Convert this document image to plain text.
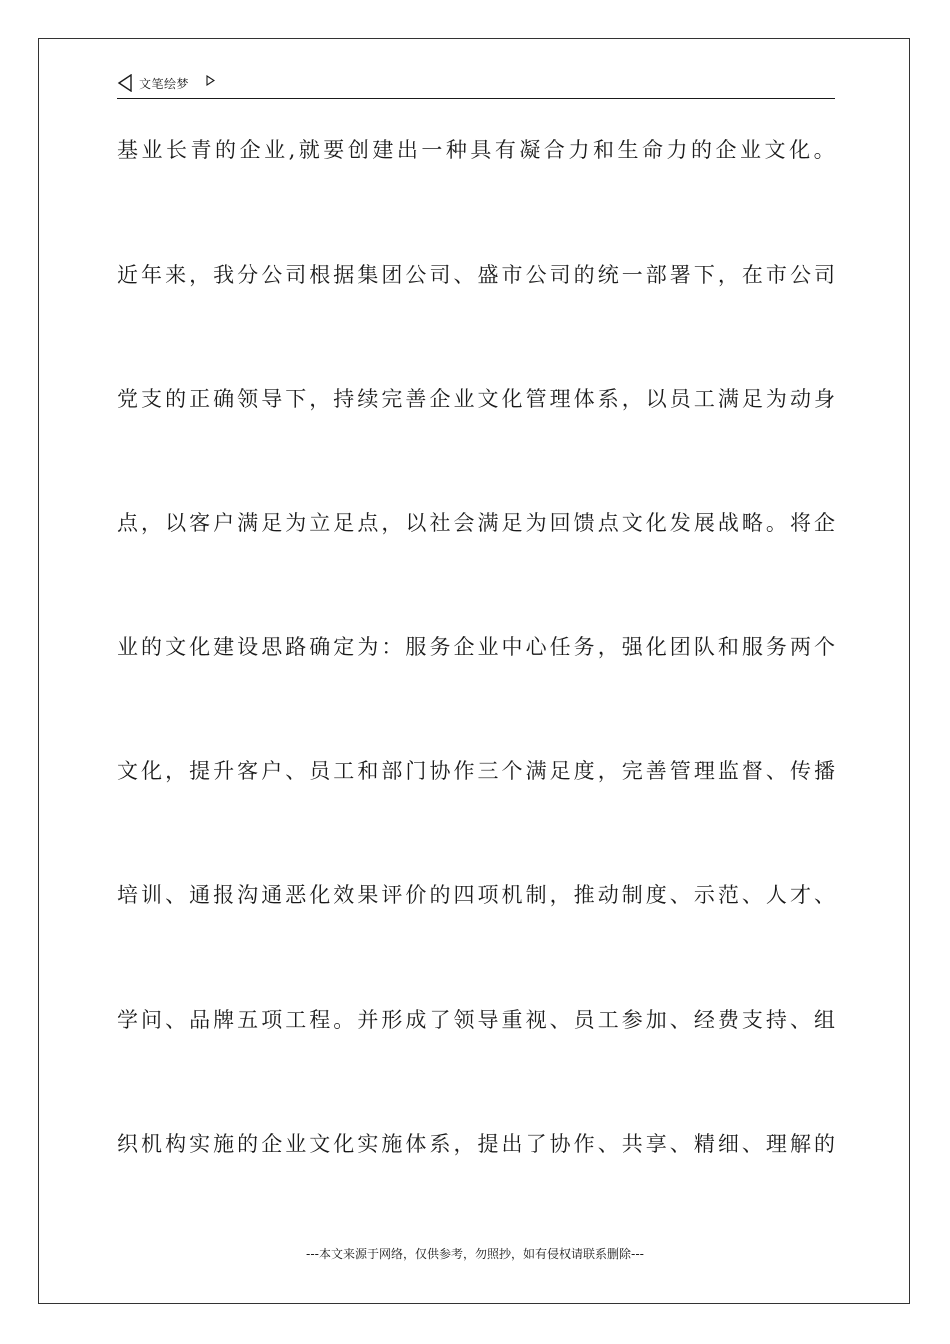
文笔绘梦
基业长青的企业,就要创建出一种具有凝合力和生命力的企业文化。
近年来，我分公司根据集团公司、盛市公司的统一部署下，在市公司
党支的正确领导下，持续完善企业文化管理体系，以员工满足为动身
点，以客户满足为立足点，以社会满足为回馈点文化发展战略。将企
业的文化建设思路确定为：服务企业中心任务，强化团队和服务两个
文化，提升客户、员工和部门协作三个满足度，完善管理监督、传播
培训、通报沟通恶化效果评价的四项机制，推动制度、示范、人才、
学问、品牌五项工程。并形成了领导重视、员工参加、经费支持、组
织机构实施的企业文化实施体系，提出了协作、共享、精细、理解的
---本文来源于网络，仅供参考，勿照抄，如有侵权请联系删除---
